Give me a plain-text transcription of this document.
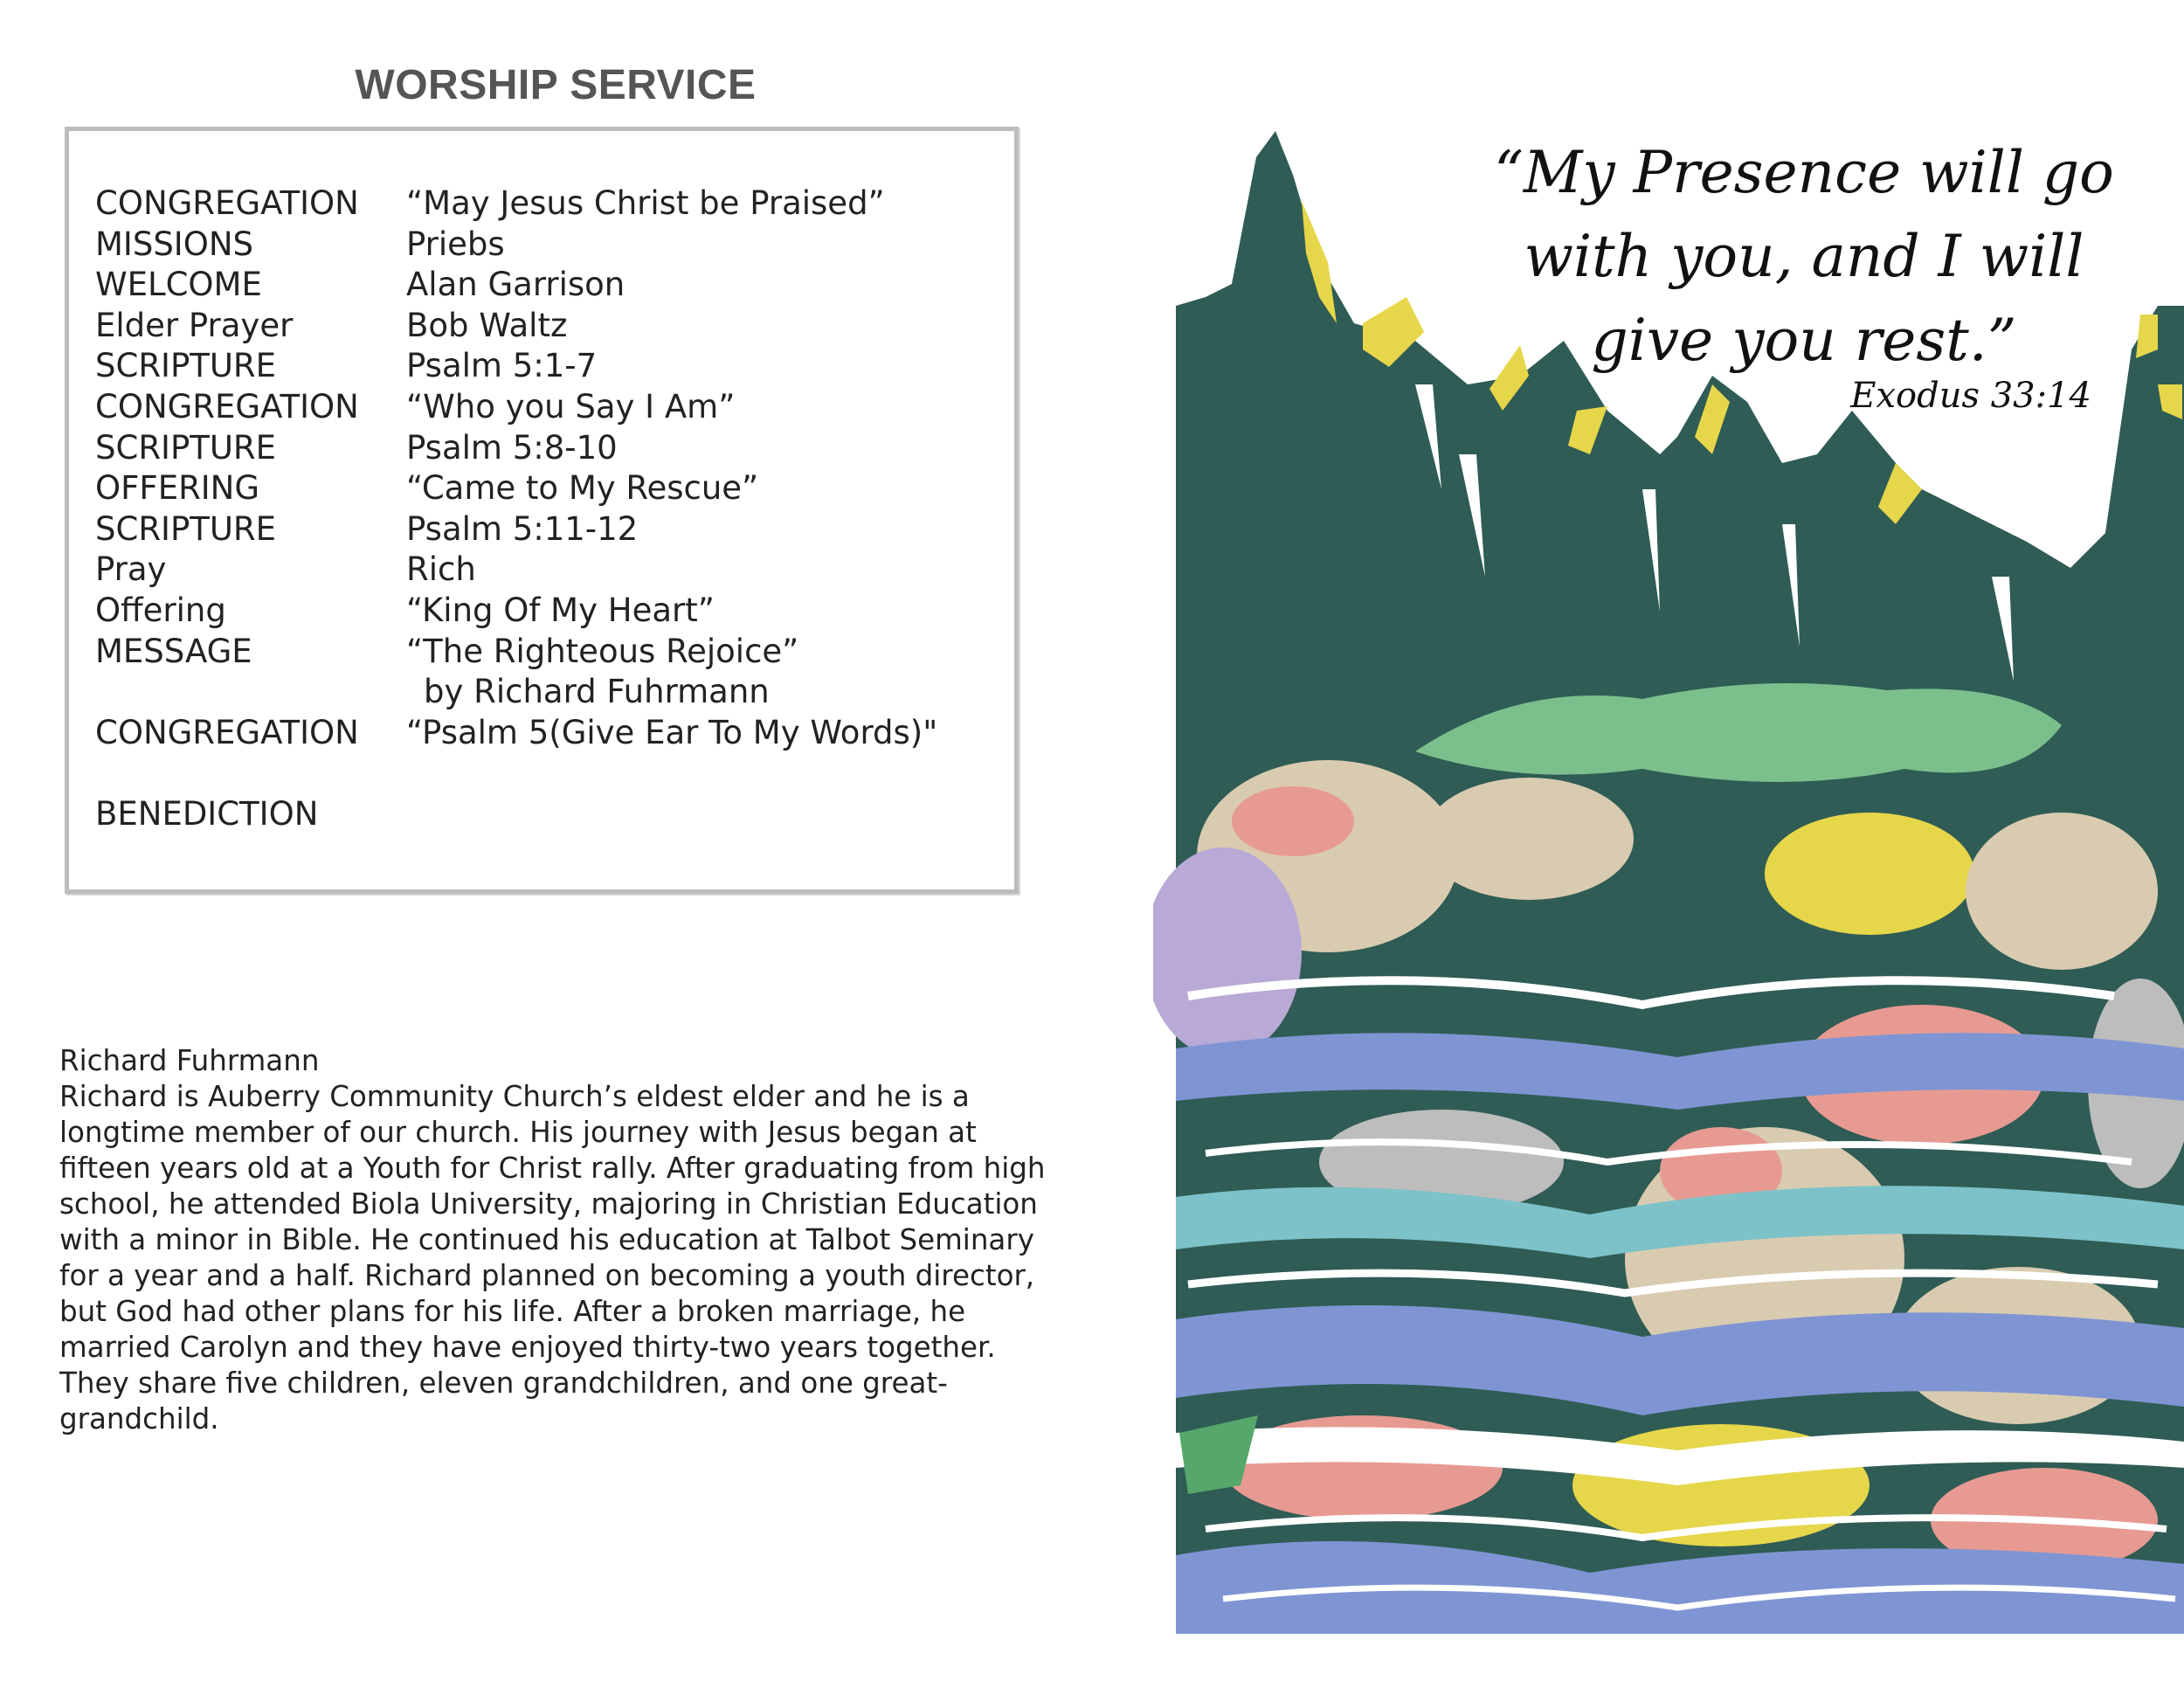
WORSHIP SERVICE
CONGREGATION	“May Jesus Christ be Praised”
MISSIONS	Priebs
WELCOME	Alan Garrison
Elder Prayer	Bob Waltz
SCRIPTURE	Psalm 5:1-7
CONGREGATION	“Who you Say I Am”
SCRIPTURE	Psalm 5:8-10
OFFERING	“Came to My Rescue”
SCRIPTURE	Psalm 5:11-12
Pray	Rich
Offering	“King Of My Heart”
MESSAGE	“The Righteous Rejoice”
by Richard Fuhrmann
CONGREGATION	“Psalm 5(Give Ear To My Words)"
BENEDICTION

Richard Fuhrmann

Richard is Auberry Community Church’s eldest elder and he is a longtime member of our church. His journey with Jesus began at fifteen years old at a Youth for Christ rally. After graduating from high school, he attended Biola University, majoring in Christian Education with a minor in Bible. He continued his education at Talbot Seminary for a year and a half. Richard planned on becoming a youth director, but God had other plans for his life. After a broken marriage, he married Carolyn and they have enjoyed thirty-two years together. They share five children, eleven grandchildren, and one great-grandchild.

“My Presence will go
with you, and I will
give you rest.”
Exodus 33:14
